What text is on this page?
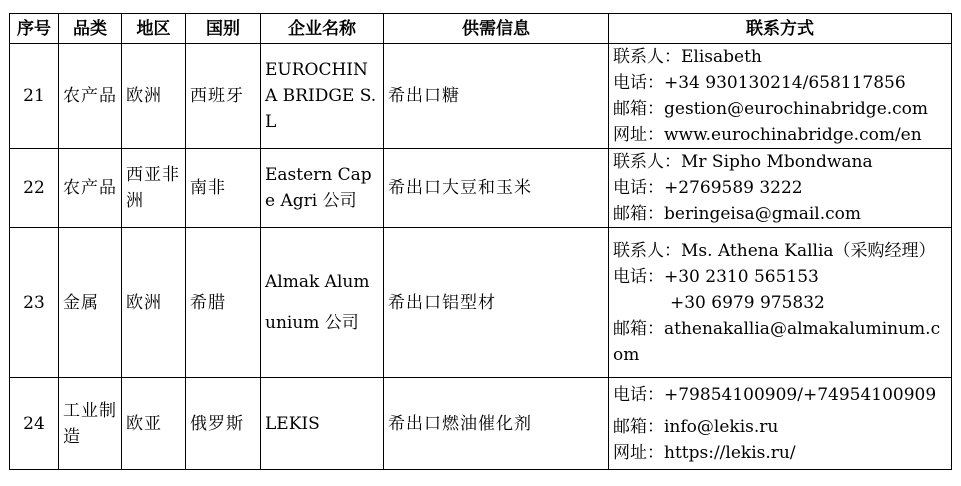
序号	品类	地区	国别	企业名称	供需信息	联系方式
21	农产品	欧洲	西班牙	EUROCHINA BRIDGE S.L	希出口糖	联系人：Elisabeth
电话：+34 930130214/658117856
邮箱：gestion@eurochinabridge.com
网址：www.eurochinabridge.com/en

22	农产品	西亚非洲	南非	Eastern Cape Agri 公司	希出口大豆和玉米	联系人：Mr Sipho Mbondwana
电话：+2769589 3222
邮箱：beringeisa@gmail.com

23	金属	欧洲	希腊	Almak Alumunium 公司	希出口铝型材	联系人：Ms. Athena Kallia（采购经理）
电话：+30 2310 565153
+30 6979 975832
邮箱：athenakallia@almakaluminum.com

24	工业制造	欧亚	俄罗斯	LEKIS	希出口燃油催化剂	电话：+79854100909/+74954100909
邮箱：info@lekis.ru
网址：https://lekis.ru/
